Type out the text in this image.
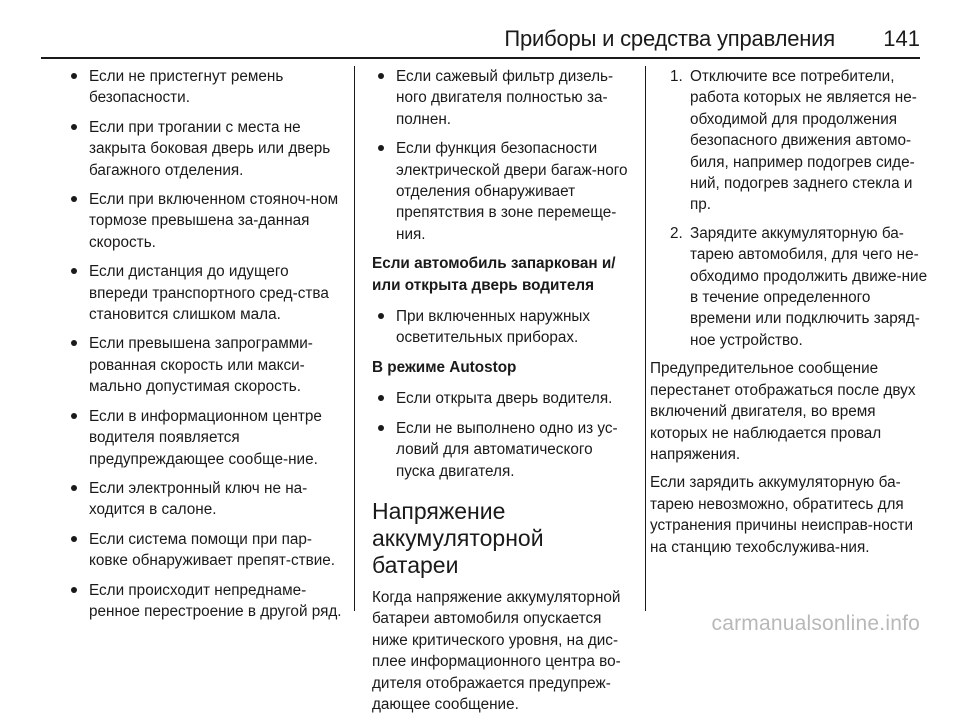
Приборы и средства управления 141
Если не пристегнут ремень безопасности.
Если при трогании с места не закрыта боковая дверь или дверь багажного отделения.
Если при включенном стояноч-ном тормозе превышена за-данная скорость.
Если дистанция до идущего впереди транспортного сред-ства становится слишком мала.
Если превышена запрограмми-рованная скорость или макси-мально допустимая скорость.
Если в информационном центре водителя появляется предупреждающее сообще-ние.
Если электронный ключ не на-ходится в салоне.
Если система помощи при пар-ковке обнаруживает препят-ствие.
Если происходит непреднаме-ренное перестроение в другой ряд.
Если сажевый фильтр дизель-ного двигателя полностью за-полнен.
Если функция безопасности электрической двери багаж-ного отделения обнаруживает препятствия в зоне перемеще-ния.
Если автомобиль запаркован и/или открыта дверь водителя
При включенных наружных осветительных приборах.
В режиме Autostop
Если открыта дверь водителя.
Если не выполнено одно из ус-ловий для автоматического пуска двигателя.
Напряжение аккумуляторной батареи

Когда напряжение аккумуляторной батареи автомобиля опускается ниже критического уровня, на дис-плее информационного центра во-дителя отображается предупреж-дающее сообщение.

1. Отключите все потребители, работа которых не является не-обходимой для продолжения безопасного движения автомо-биля, например подогрев сиде-ний, подогрев заднего стекла и пр.
2. Зарядите аккумуляторную ба-тарею автомобиля, для чего не-обходимо продолжить движе-ние в течение определенного времени или подключить заряд-ное устройство.

Предупредительное сообщение перестанет отображаться после двух включений двигателя, во время которых не наблюдается провал напряжения.

Если зарядить аккумуляторную ба-тарею невозможно, обратитесь для устранения причины неисправ-ности на станцию техобслужива-ния.

carmanualsonline.info
